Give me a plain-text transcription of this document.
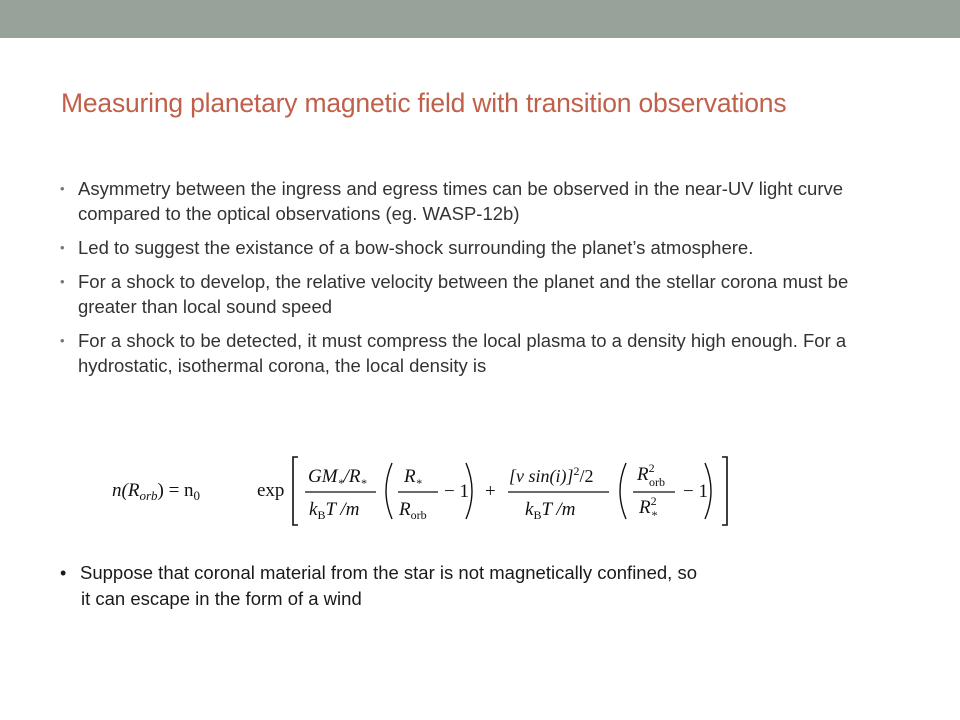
Measuring planetary magnetic field with transition observations
• Asymmetry between the ingress and egress times can be observed in the near-UV light curve compared to the optical observations (eg. WASP-12b)
• Led to suggest the existance of a bow-shock surrounding the planet’s atmosphere.
• For a shock to develop, the relative velocity between the planet and the stellar corona must be greater than local sound speed
• For a shock to be detected, it must compress the local plasma to a density high enough. For a hydrostatic, isothermal corona, the local density is
$n(R_{orb}) = n_0$	exp
$GM_*/R_*$
$k_BT$ /m
$R_*$
$R_{orb}$
− 1 +
[v sin(i)]$^2$/2
$k_BT$ /m
$R^2$ orb
$R^2$ *
− 1
• Suppose that coronal material from the star is not magnetically confined, so
it can escape in the form of a wind
